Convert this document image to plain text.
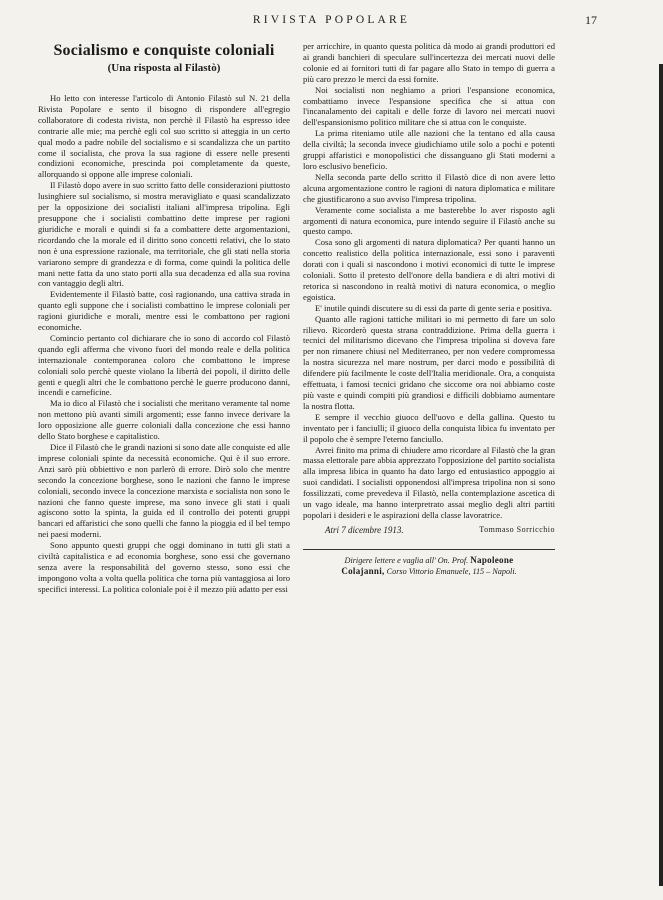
RIVISTA POPOLARE	17
Socialismo e conquiste coloniali
(Una risposta al Filastò)

Ho letto con interesse l'articolo di Antonio Filastò sul N. 21 della Rivista Popolare e sento il bisogno di rispondere all'egregio collaboratore di codesta rivista, non perchè il Filastò ha espresso idee contrarie alle mie; ma perchè egli col suo scritto si atteggia in un certo qual modo a padre nobile del socialismo e si scandalizza che un partito come il socialista, che prova la sua ragione di essere nelle presenti condizioni economiche, prescinda poi completamente da queste, allorquando si oppone alle imprese coloniali.

Il Filastò dopo avere in suo scritto fatto delle considerazioni piuttosto lusinghiere sul socialismo, si mostra meravigliato e quasi scandalizzato per la opposizione dei socialisti italiani all'impresa tripolina. Egli presuppone che i socialisti combattino dette imprese per ragioni giuridiche e morali e quindi si fa a combattere dette argomentazioni, ricordando che la morale ed il diritto sono concetti relativi, che lo stato non è una espressione razionale, ma territoriale, che gli stati nella storia variarono sempre di grandezza e di forma, come quindi la politica delle mani nette fatta da uno stato porti alla sua decadenza ed alla sua rovina con vantaggio degli altri.

Evidentemente il Filastò batte, così ragionando, una cattiva strada in quanto egli suppone che i socialisti combattino le imprese coloniali per ragioni giuridiche e morali, mentre essi le combattono per ragioni economiche.

Comincio pertanto col dichiarare che io sono di accordo col Filastò quando egli afferma che vivono fuori del mondo reale e della politica internazionale contemporanea coloro che combattono le imprese coloniali solo perchè queste violano la libertà dei popoli, il diritto delle genti e quegli altri che le combattono perchè le guerre producono danni, incendi e carneficine.

Ma io dico al Filastò che i socialisti che meritano veramente tal nome non mettono più avanti simili argomenti; esse fanno invece derivare la loro opposizione alle guerre coloniali dalla concezione che essi hanno dello Stato borghese e capitalistico.

Dice il Filastò che le grandi nazioni si sono date alle conquiste ed alle imprese coloniali spinte da necessità economiche. Qui è il suo errore. Anzi sarò più obbiettivo e non parlerò di errore. Dirò solo che mentre secondo la concezione borghese, sono le nazioni che fanno le imprese coloniali, secondo invece la concezione marxista e socialista non sono le nazioni che fanno queste imprese, ma sono invece gli stati i quali agiscono sotto la spinta, la guida ed il controllo dei potenti gruppi bancari ed affaristici che sono quelli che fanno la pioggia ed il bel tempo nei paesi moderni.

Sono appunto questi gruppi che oggi dominano in tutti gli stati a civiltà capitalistica e ad economia borghese, sono essi che governano senza avere la responsabilità del governo stesso, sono essi che impongono volta a volta quella politica che torna più vantaggiosa ai loro specifici interessi. La politica coloniale poi è il mezzo più adatto per essi

per arricchire, in quanto questa politica dà modo ai grandi produttori ed ai grandi banchieri di speculare sull'incertezza dei mercati nuovi delle colonie ed ai fornitori tutti di far pagare allo Stato in tempo di guerra a più caro prezzo le merci da essi fornite.

Noi socialisti non neghiamo a priori l'espansione economica, combattiamo invece l'espansione specifica che si attua con l'incanalamento dei capitali e delle forze di lavoro nei mercati nuovi dell'espansionismo politico militare che si attua con le conquiste.

La prima riteniamo utile alle nazioni che la tentano ed alla causa della civiltà; la seconda invece giudichiamo utile solo a pochi e potenti gruppi affaristici e monopolistici che dissanguano gli Stati moderni a loro esclusivo beneficio.

Nella seconda parte dello scritto il Filastò dice di non avere letto alcuna argomentazione contro le ragioni di natura diplomatica e militare che giustificarono a suo avviso l'impresa tripolina.

Veramente come socialista a me basterebbe lo aver risposto agli argomenti di natura economica, pure intendo seguire il Filastò anche su questo campo.

Cosa sono gli argomenti di natura diplomatica? Per quanti hanno un concetto realistico della politica internazionale, essi sono i paraventi dorati con i quali si nascondono i motivi economici di tutte le imprese coloniali. Sotto il pretesto dell'onore della bandiera e di altri motivi di retorica si nascondono in realtà motivi di natura economica, o meglio egoistica.

E' inutile quindi discutere su di essi da parte di gente seria e positiva.

Quanto alle ragioni tattiche militari io mi permetto di fare un solo rilievo. Ricorderò questa strana contraddizione. Prima della guerra i tecnici del militarismo dicevano che l'impresa tripolina si doveva fare per non rimanere chiusi nel Mediterraneo, per non vedere compromessa la nostra sicurezza nel mare nostrum, per darci modo e possibilità di difendere più facilmente le coste dell'Italia meridionale. Ora, a conquista effettuata, i famosi tecnici gridano che siccome ora noi abbiamo coste più vaste e quindi compiti più grandiosi e difficili dobbiamo aumentare la nostra flotta.

E sempre il vecchio giuoco dell'uovo e della gallina. Questo tu inventato per i fanciulli; il giuoco della conquista libica fu inventato per il popolo che è sempre l'eterno fanciullo.

Avrei finito ma prima di chiudere amo ricordare al Filastò che la gran massa elettorale pare abbia apprezzato l'opposizione del partito socialista alla impresa libica in quanto ha dato largo ed entusiastico appoggio ai suoi candidati. I socialisti opponendosi all'impresa tripolina non si sono fossilizzati, come prevedeva il Filastò, nella contemplazione ascetica di un vago ideale, ma hanno interpretrato assai meglio degli altri partiti popolari i desideri e le aspirazioni della classe lavoratrice.

Atri 7 dicembre 1913.	Tommaso Sorricchio
Dirigere lettere e vaglia all' On. Prof. Napoleone
Colajanni, Corso Vittorio Emanuele, 115 – Napoli.
